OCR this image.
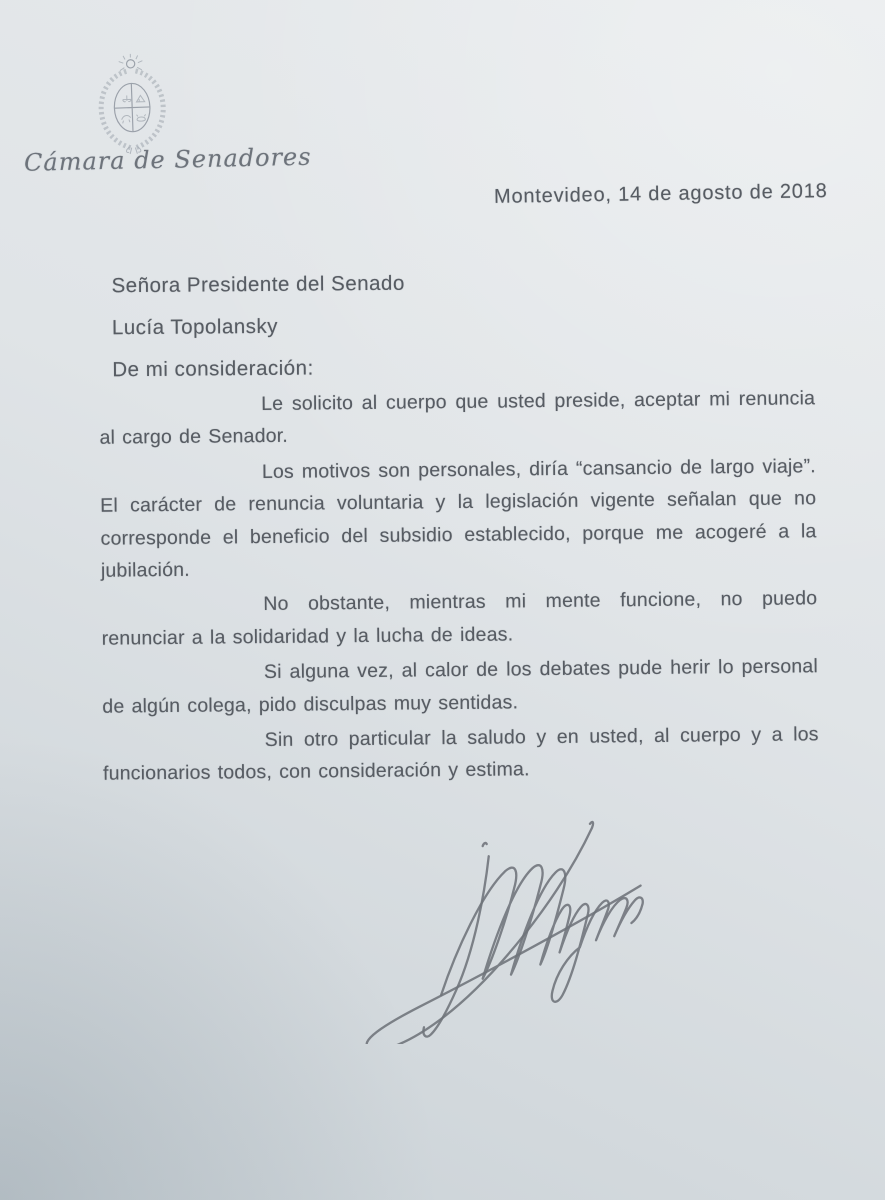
Cámara de Senadores
Montevideo, 14 de agosto de 2018
Señora Presidente del Senado
Lucía Topolansky
De mi consideración:

Le solicito al cuerpo que usted preside, aceptar mi renuncia al cargo de Senador.

Los motivos son personales, diría “cansancio de largo viaje”. El carácter de renuncia voluntaria y la legislación vigente señalan que no corresponde el beneficio del subsidio establecido, porque me acogeré a la jubilación.

No obstante, mientras mi mente funcione, no puedo renunciar a la solidaridad y la lucha de ideas.

Si alguna vez, al calor de los debates pude herir lo personal de algún colega, pido disculpas muy sentidas.

Sin otro particular la saludo y en usted, al cuerpo y a los funcionarios todos, con consideración y estima.
